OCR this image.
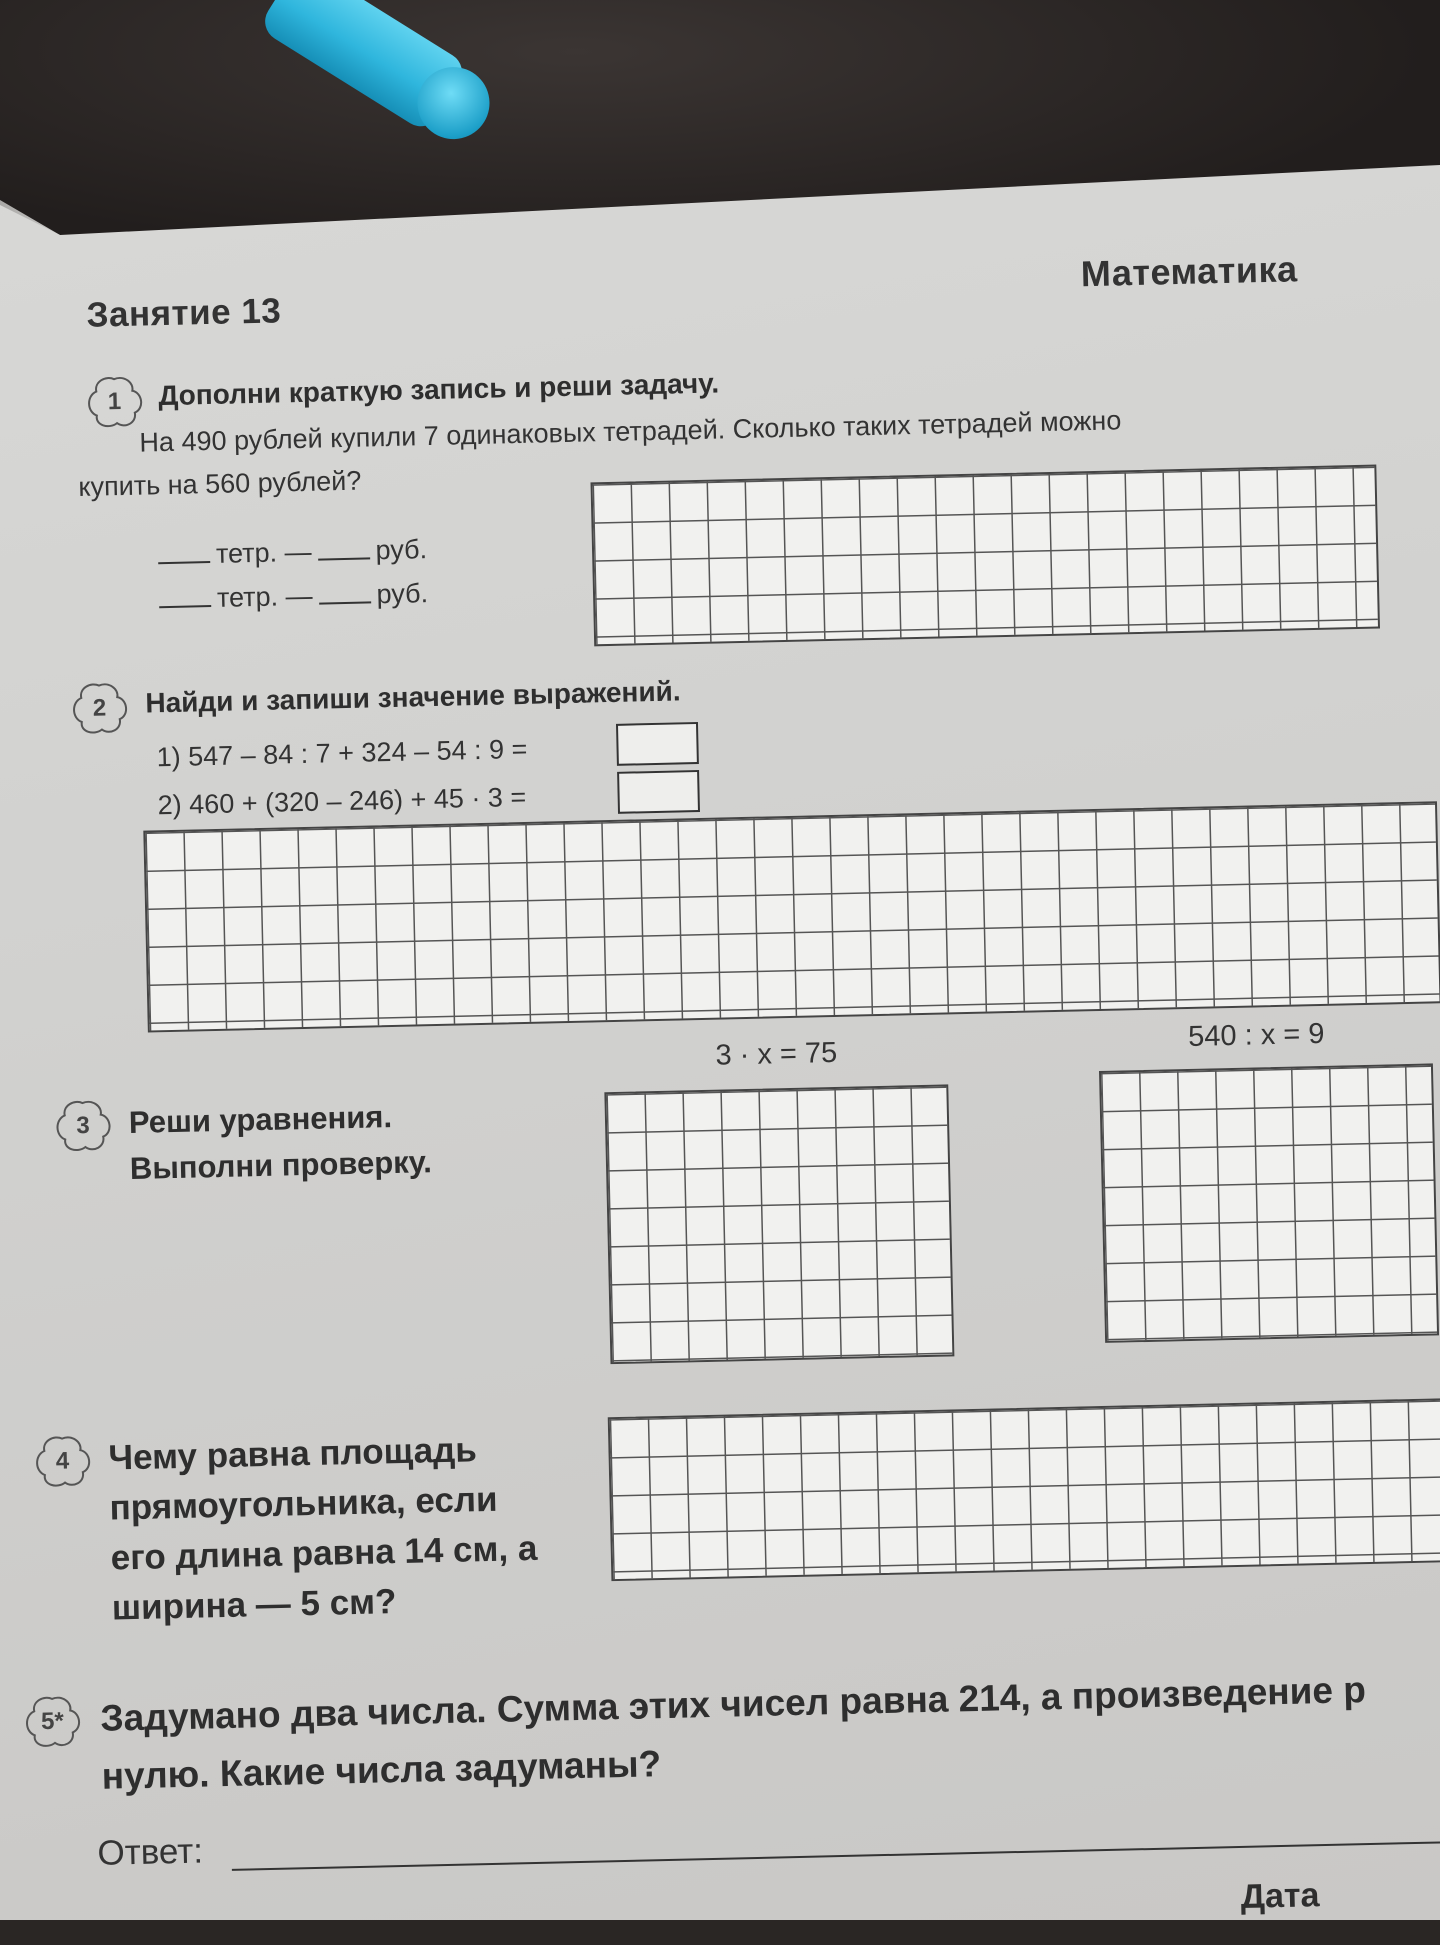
Занятие 13
Математика
1	Дополни краткую запись и реши задачу.
На 490 рублей купили 7 одинаковых тетрадей. Сколько таких тетрадей можно
купить на 560 рублей?
тетр. — руб.
тетр. — руб.
2	Найди и запиши значение выражений.
1) 547 – 84 : 7 + 324 – 54 : 9 =
2) 460 + (320 – 246) + 45 · 3 =
3 · x = 75
540 : x = 9
3	Реши уравнения.
Выполни проверку.
4	Чему равна площадь прямоугольника, если его длина равна 14 см, а ширина — 5 см?
5* Задумано два числа. Сумма этих чисел равна 214, а произведение р
нулю. Какие числа задуманы?
Ответ:
Дата
